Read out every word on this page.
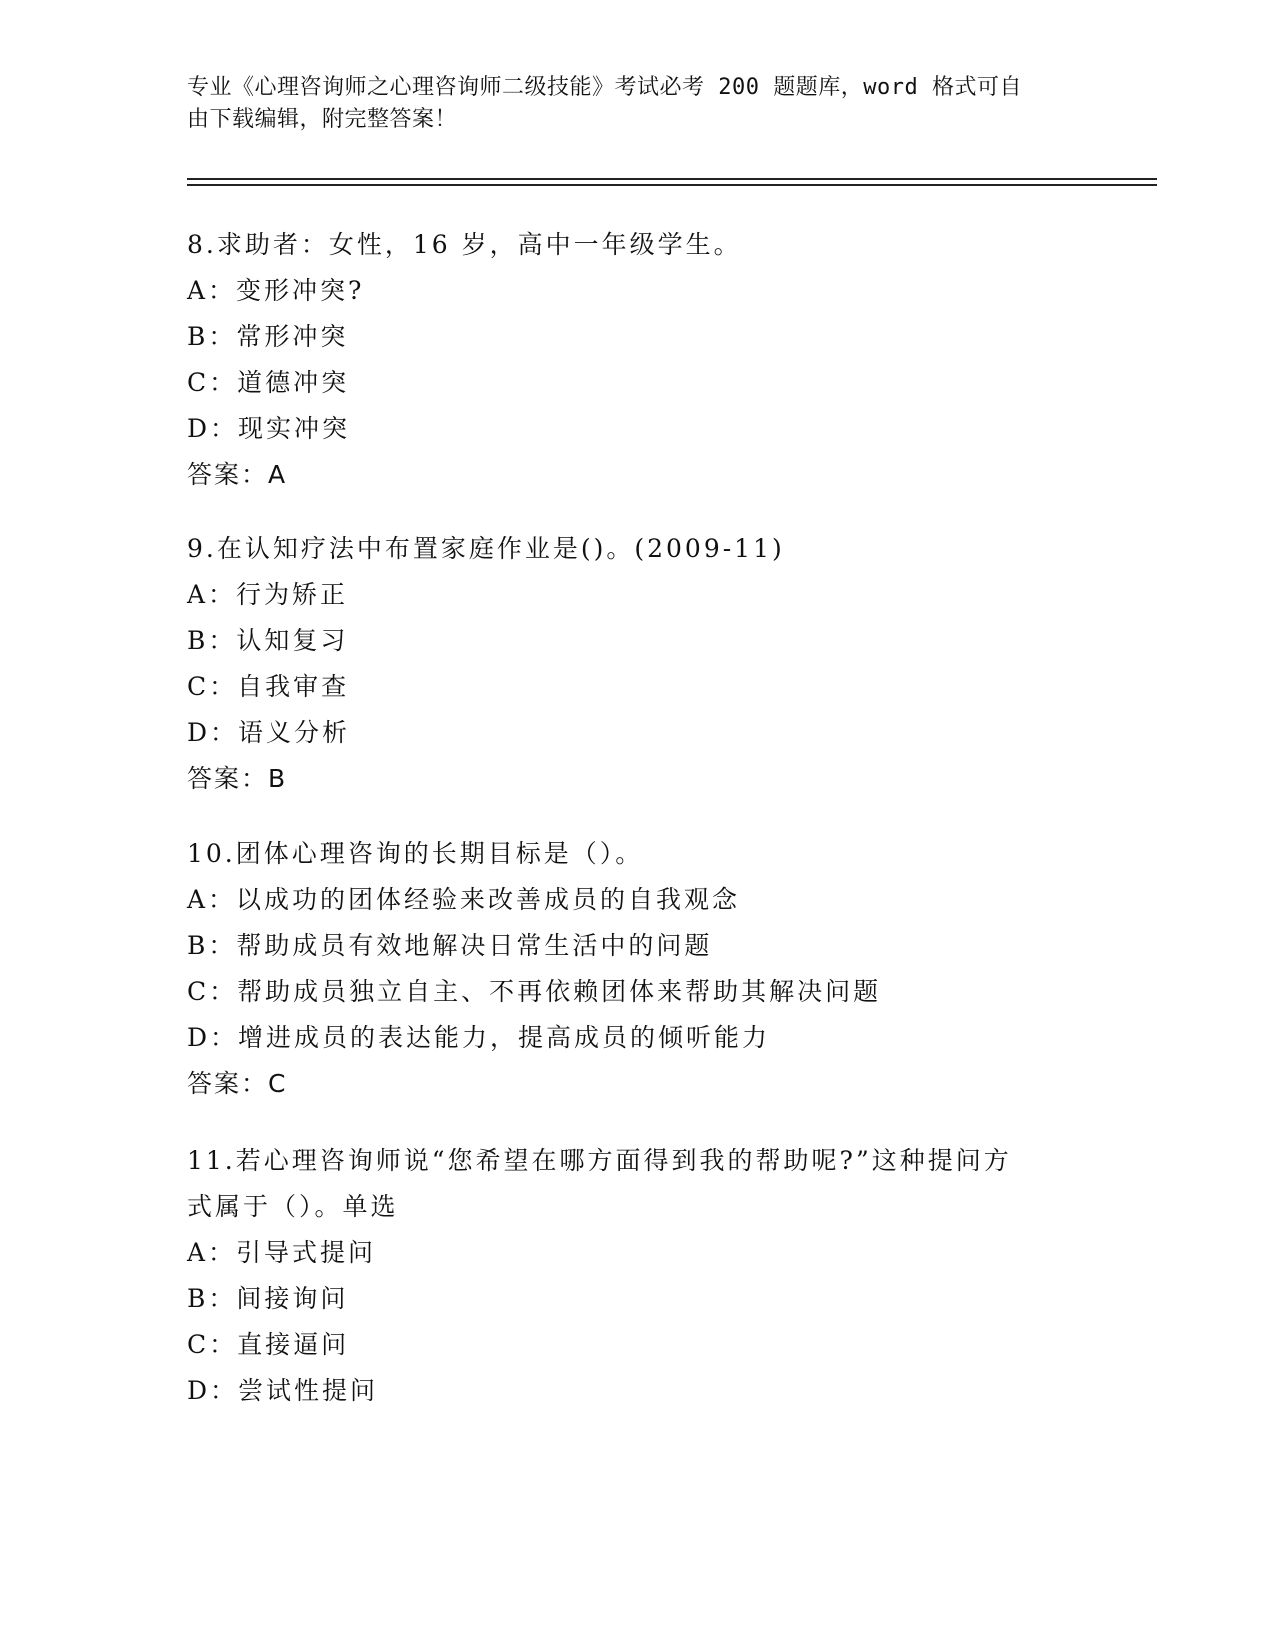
专业《心理咨询师之心理咨询师二级技能》考试必考 200 题题库，word 格式可自
由下载编辑，附完整答案！
8.求助者：女性，16 岁，高中一年级学生。
A：变形冲突?
B：常形冲突
C：道德冲突
D：现实冲突
答案：A
9.在认知疗法中布置家庭作业是()。(2009-11)
A：行为矫正
B：认知复习
C：自我审查
D：语义分析
答案：B
10.团体心理咨询的长期目标是（）。
A：以成功的团体经验来改善成员的自我观念
B：帮助成员有效地解决日常生活中的问题
C：帮助成员独立自主、不再依赖团体来帮助其解决问题
D：增进成员的表达能力，提高成员的倾听能力
答案：C
11.若心理咨询师说“您希望在哪方面得到我的帮助呢?”这种提问方
式属于（）。单选
A：引导式提问
B：间接询问
C：直接逼问
D：尝试性提问
